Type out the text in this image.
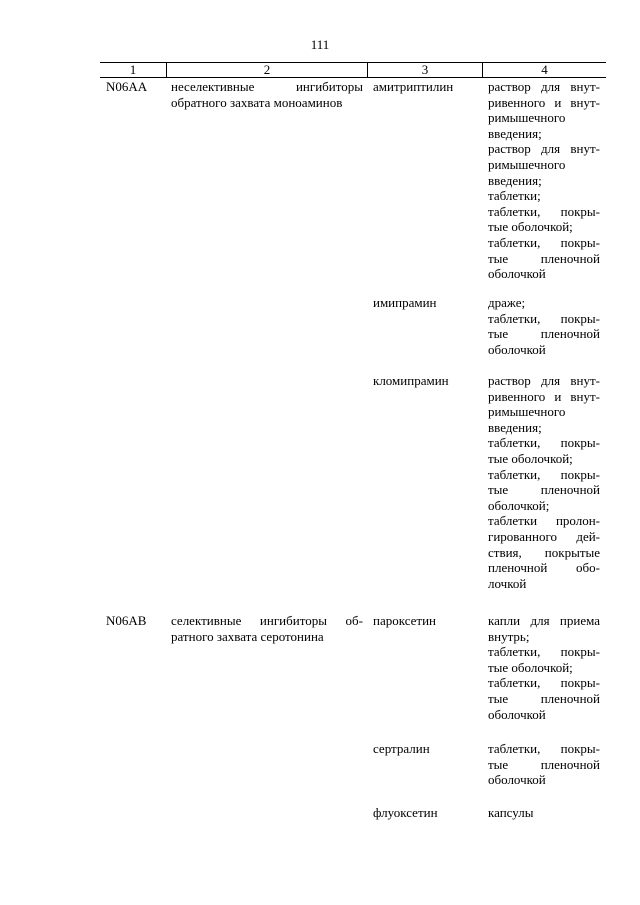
111
1	2	3	4
N06AA	неселективные ингибиторы
обратного захвата моноаминов
амитриптилин	раствор для внут-
ривенного и внут-
римышечного
введения;
раствор для внут-
римышечного
введения;
таблетки;
таблетки, покры-
тые оболочкой;
таблетки, покры-
тые пленочной
оболочкой
имипрамин	драже;
таблетки, покры-
тые пленочной
оболочкой
кломипрамин	раствор для внут-
ривенного и внут-
римышечного
введения;
таблетки, покры-
тые оболочкой;
таблетки, покры-
тые пленочной
оболочкой;
таблетки пролон-
гированного дей-
ствия, покрытые
пленочной обо-
лочкой
N06AB	селективные ингибиторы об-
ратного захвата серотонина
пароксетин	капли для приема
внутрь;
таблетки, покры-
тые оболочкой;
таблетки, покры-
тые пленочной
оболочкой
сертралин	таблетки, покры-
тые пленочной
оболочкой
флуоксетин	капсулы
